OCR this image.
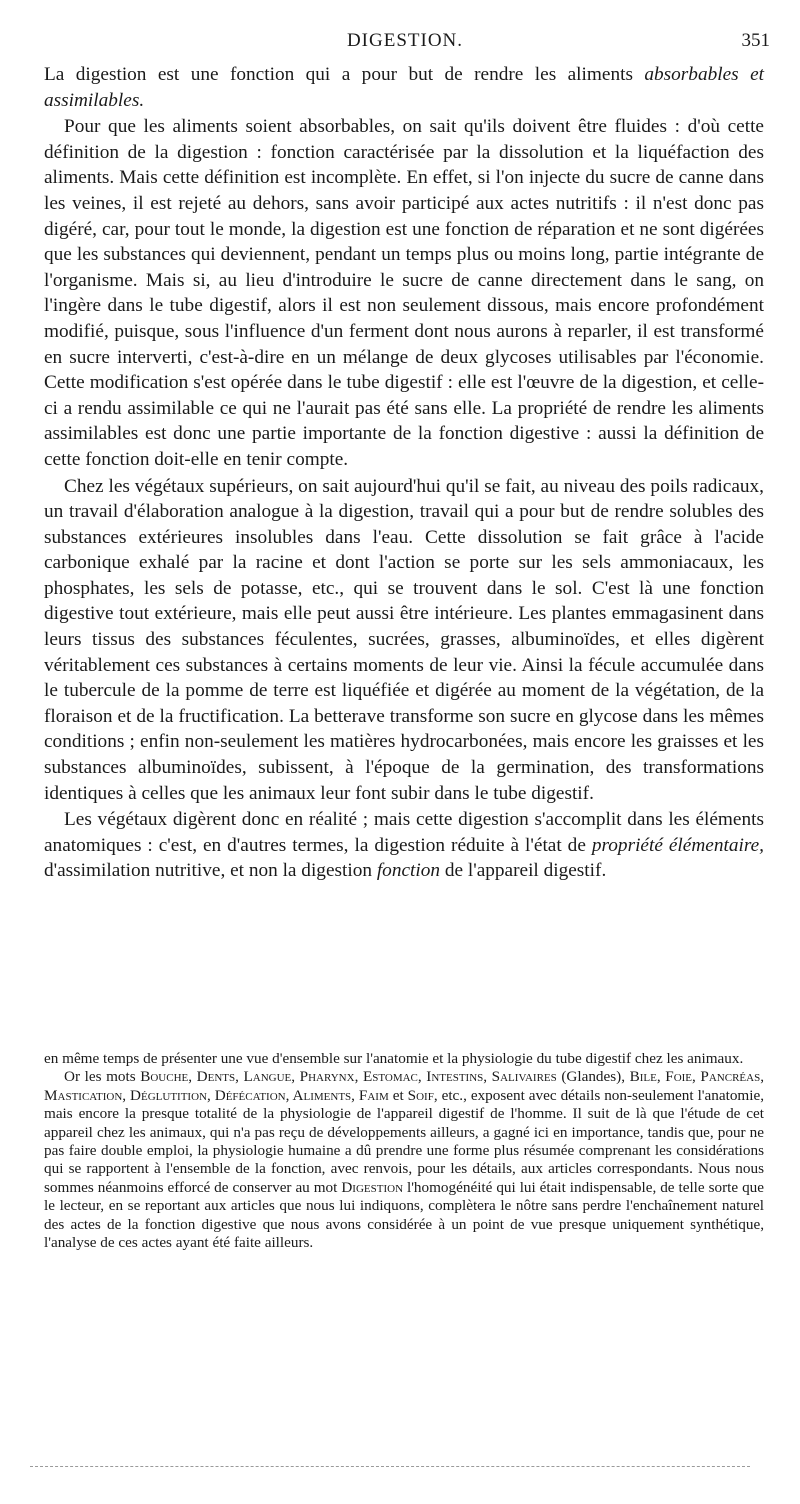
DIGESTION.	351

La digestion est une fonction qui a pour but de rendre les aliments absorbables et assimilables.

Pour que les aliments soient absorbables, on sait qu'ils doivent être fluides : d'où cette définition de la digestion : fonction caractérisée par la dissolution et la liquéfaction des aliments. Mais cette définition est incomplète. En effet, si l'on injecte du sucre de canne dans les veines, il est rejeté au dehors, sans avoir participé aux actes nutritifs : il n'est donc pas digéré, car, pour tout le monde, la digestion est une fonction de réparation et ne sont digérées que les substances qui deviennent, pendant un temps plus ou moins long, partie intégrante de l'organisme. Mais si, au lieu d'introduire le sucre de canne directement dans le sang, on l'ingère dans le tube digestif, alors il est non seulement dissous, mais encore profondément modifié, puisque, sous l'influence d'un ferment dont nous aurons à reparler, il est transformé en sucre interverti, c'est-à-dire en un mélange de deux glycoses utilisables par l'économie. Cette modification s'est opérée dans le tube digestif : elle est l'œuvre de la digestion, et celle-ci a rendu assimilable ce qui ne l'aurait pas été sans elle. La propriété de rendre les aliments assimilables est donc une partie importante de la fonction digestive : aussi la définition de cette fonction doit-elle en tenir compte.

Chez les végétaux supérieurs, on sait aujourd'hui qu'il se fait, au niveau des poils radicaux, un travail d'élaboration analogue à la digestion, travail qui a pour but de rendre solubles des substances extérieures insolubles dans l'eau. Cette dissolution se fait grâce à l'acide carbonique exhalé par la racine et dont l'action se porte sur les sels ammoniacaux, les phosphates, les sels de potasse, etc., qui se trouvent dans le sol. C'est là une fonction digestive tout extérieure, mais elle peut aussi être intérieure. Les plantes emmagasinent dans leurs tissus des substances féculentes, sucrées, grasses, albuminoïdes, et elles digèrent véritablement ces substances à certains moments de leur vie. Ainsi la fécule accumulée dans le tubercule de la pomme de terre est liquéfiée et digérée au moment de la végétation, de la floraison et de la fructification. La betterave transforme son sucre en glycose dans les mêmes conditions ; enfin non-seulement les matières hydrocarbonées, mais encore les graisses et les substances albuminoïdes, subissent, à l'époque de la germination, des transformations identiques à celles que les animaux leur font subir dans le tube digestif.

Les végétaux digèrent donc en réalité ; mais cette digestion s'accomplit dans les éléments anatomiques : c'est, en d'autres termes, la digestion réduite à l'état de propriété élémentaire, d'assimilation nutritive, et non la digestion fonction de l'appareil digestif.

en même temps de présenter une vue d'ensemble sur l'anatomie et la physiologie du tube digestif chez les animaux.

Or les mots Bouche, Dents, Langue, Pharynx, Estomac, Intestins, Salivaires (Glandes), Bile, Foie, Pancréas, Mastication, Déglutition, Défécation, Aliments, Faim et Soif, etc., exposent avec détails non-seulement l'anatomie, mais encore la presque totalité de la physiologie de l'appareil digestif de l'homme. Il suit de là que l'étude de cet appareil chez les animaux, qui n'a pas reçu de développements ailleurs, a gagné ici en importance, tandis que, pour ne pas faire double emploi, la physiologie humaine a dû prendre une forme plus résumée comprenant les considérations qui se rapportent à l'ensemble de la fonction, avec renvois, pour les détails, aux articles correspondants. Nous nous sommes néanmoins efforcé de conserver au mot Digestion l'homogénéité qui lui était indispensable, de telle sorte que le lecteur, en se reportant aux articles que nous lui indiquons, complètera le nôtre sans perdre l'enchaînement naturel des actes de la fonction digestive que nous avons considérée à un point de vue presque uniquement synthétique, l'analyse de ces actes ayant été faite ailleurs.
